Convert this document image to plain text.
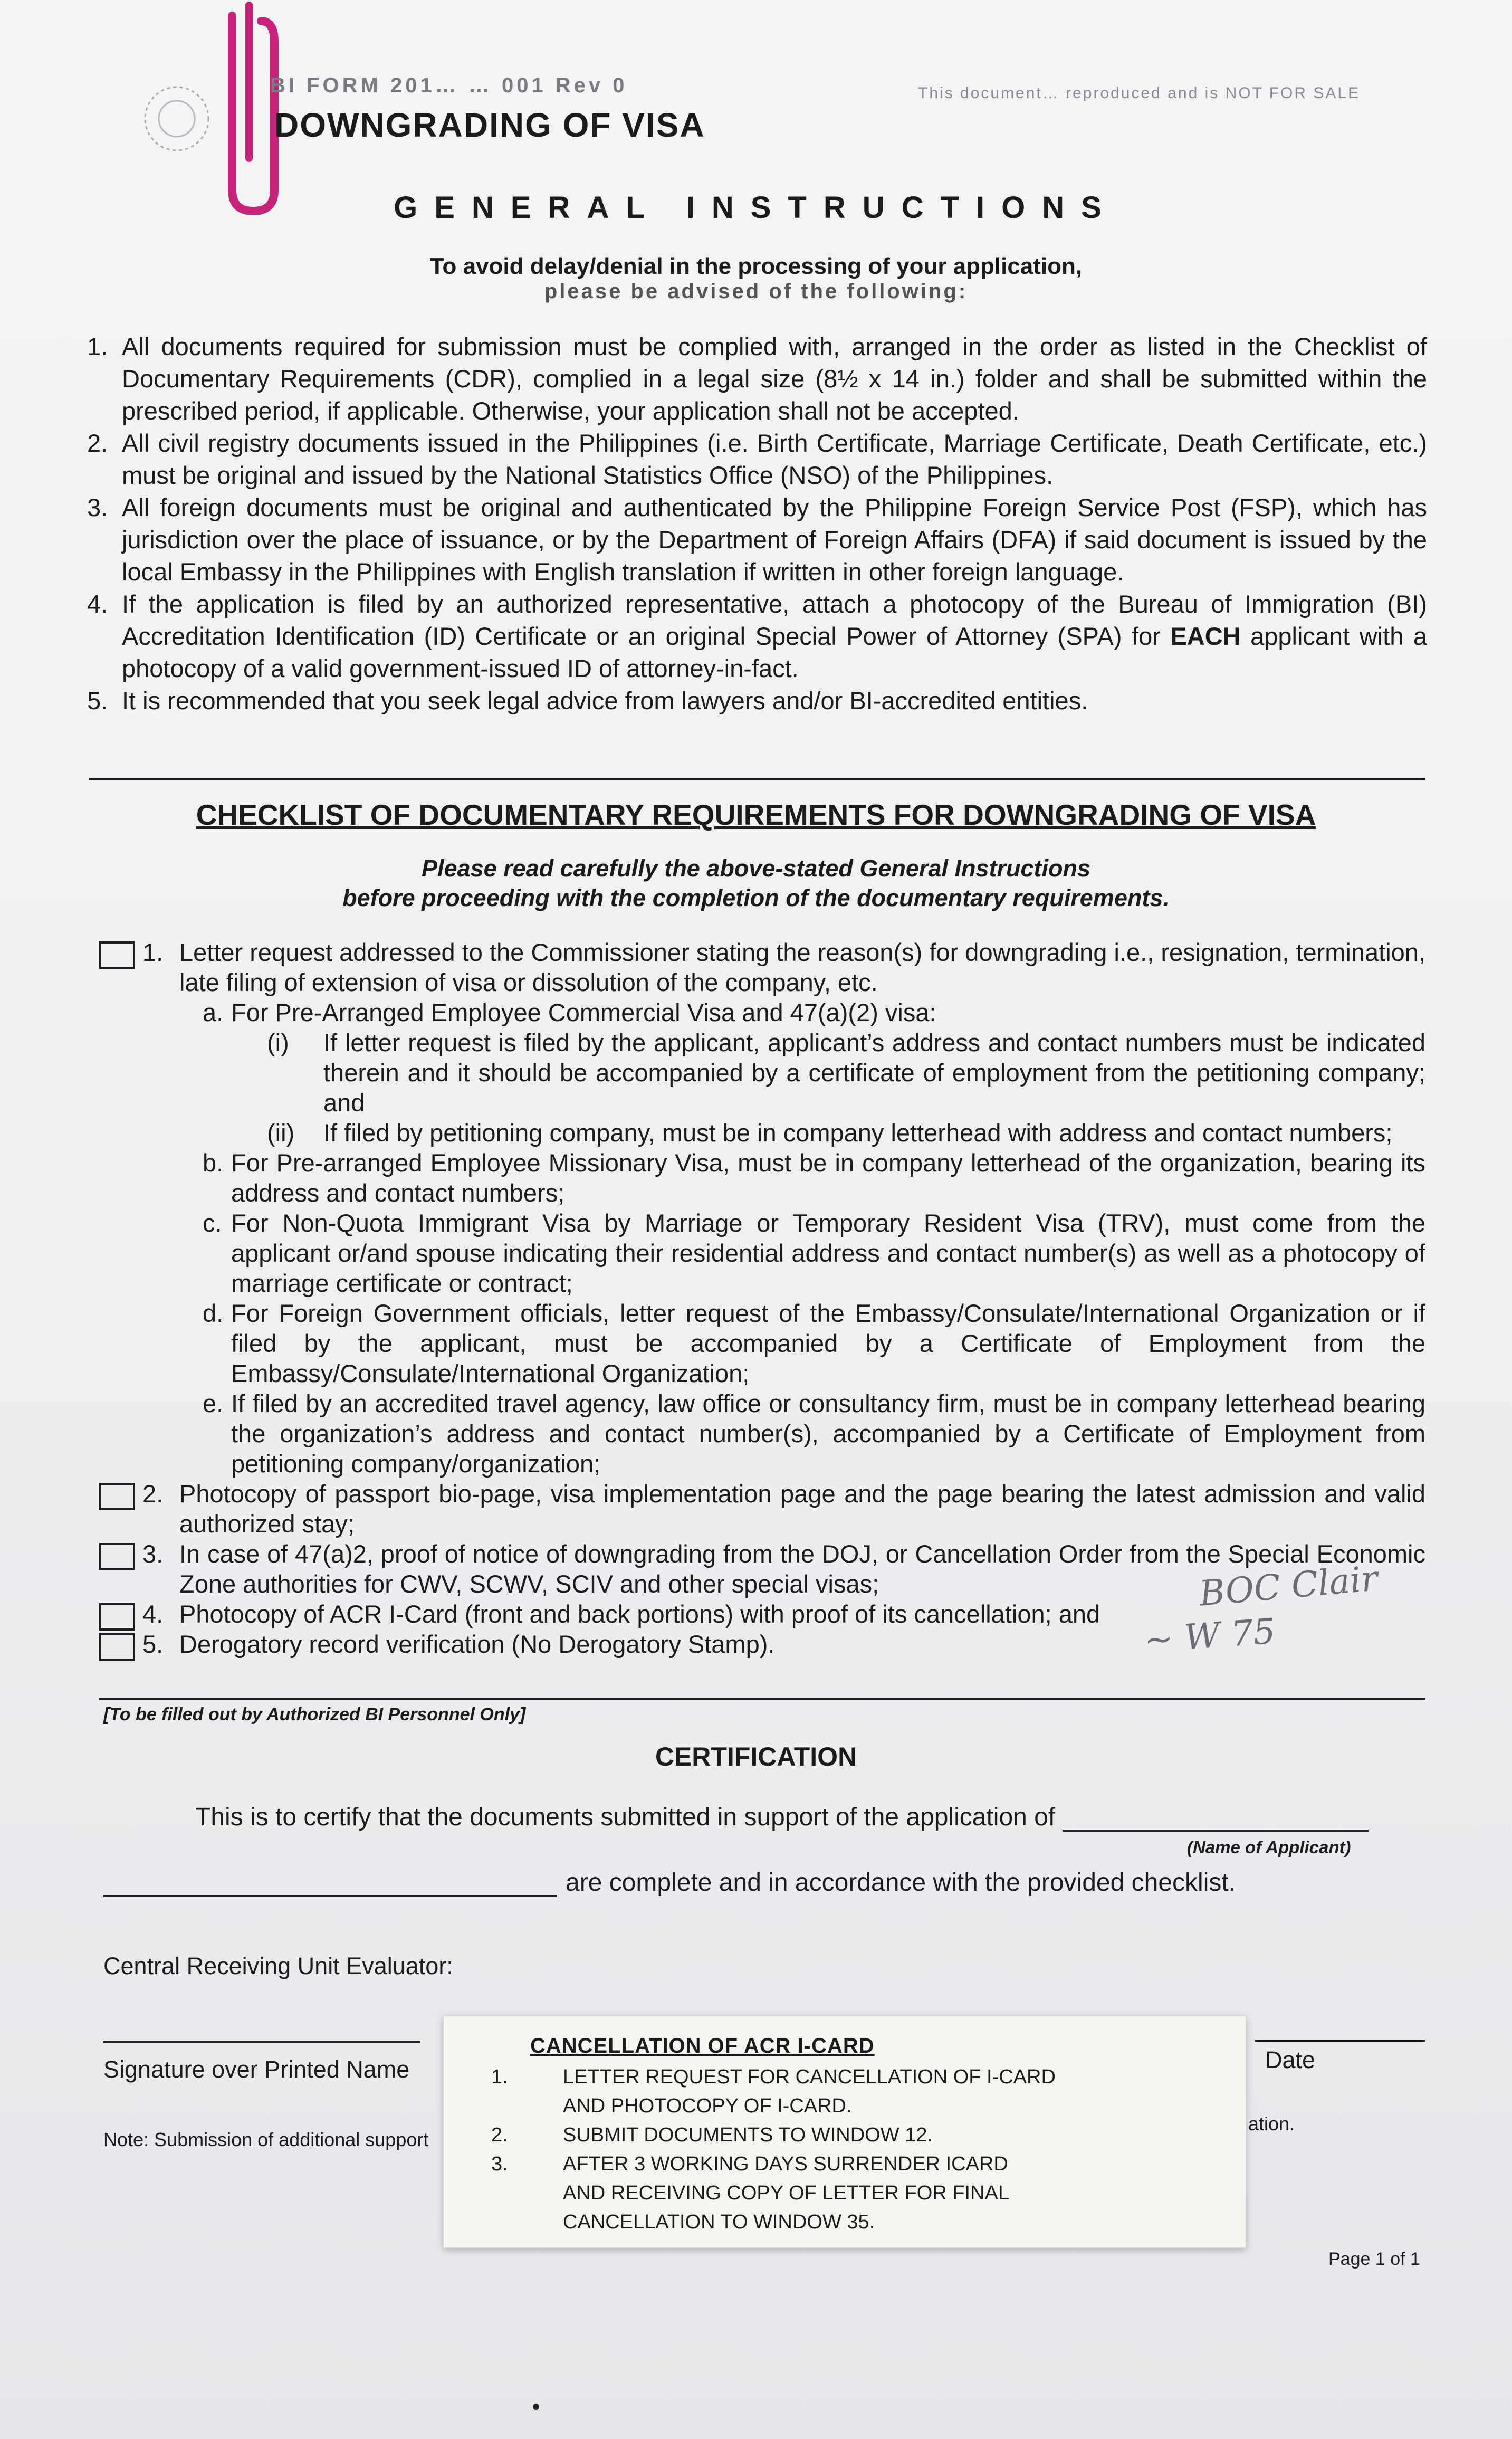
BI FORM 201… … 001 Rev 0	This document… reproduced and is NOT FOR SALE
DOWNGRADING OF VISA
GENERAL INSTRUCTIONS
To avoid delay/denial in the processing of your application,
please be advised of the following:
1. All documents required for submission must be complied with, arranged in the order as listed in the Checklist of Documentary Requirements (CDR), complied in a legal size (8½ x 14 in.) folder and shall be submitted within the prescribed period, if applicable. Otherwise, your application shall not be accepted.
2. All civil registry documents issued in the Philippines (i.e. Birth Certificate, Marriage Certificate, Death Certificate, etc.) must be original and issued by the National Statistics Office (NSO) of the Philippines.
3. All foreign documents must be original and authenticated by the Philippine Foreign Service Post (FSP), which has jurisdiction over the place of issuance, or by the Department of Foreign Affairs (DFA) if said document is issued by the local Embassy in the Philippines with English translation if written in other foreign language.
4. If the application is filed by an authorized representative, attach a photocopy of the Bureau of Immigration (BI) Accreditation Identification (ID) Certificate or an original Special Power of Attorney (SPA) for EACH applicant with a photocopy of a valid government-issued ID of attorney-in-fact.
5. It is recommended that you seek legal advice from lawyers and/or BI-accredited entities.
CHECKLIST OF DOCUMENTARY REQUIREMENTS FOR DOWNGRADING OF VISA
Please read carefully the above-stated General Instructions
before proceeding with the completion of the documentary requirements.
1. Letter request addressed to the Commissioner stating the reason(s) for downgrading i.e., resignation, termination, late filing of extension of visa or dissolution of the company, etc.
a. For Pre-Arranged Employee Commercial Visa and 47(a)(2) visa:
(i) If letter request is filed by the applicant, applicant’s address and contact numbers must be indicated therein and it should be accompanied by a certificate of employment from the petitioning company; and
(ii) If filed by petitioning company, must be in company letterhead with address and contact numbers;
b. For Pre-arranged Employee Missionary Visa, must be in company letterhead of the organization, bearing its address and contact numbers;
c. For Non-Quota Immigrant Visa by Marriage or Temporary Resident Visa (TRV), must come from the applicant or/and spouse indicating their residential address and contact number(s) as well as a photocopy of marriage certificate or contract;
d. For Foreign Government officials, letter request of the Embassy/Consulate/International Organization or if filed by the applicant, must be accompanied by a Certificate of Employment from the Embassy/Consulate/International Organization;
e. If filed by an accredited travel agency, law office or consultancy firm, must be in company letterhead bearing the organization’s address and contact number(s), accompanied by a Certificate of Employment from petitioning company/organization;
2. Photocopy of passport bio-page, visa implementation page and the page bearing the latest admission and valid authorized stay;
3. In case of 47(a)2, proof of notice of downgrading from the DOJ, or Cancellation Order from the Special Economic Zone authorities for CWV, SCWV, SCIV and other special visas;
4. Photocopy of ACR I-Card (front and back portions) with proof of its cancellation; and
5. Derogatory record verification (No Derogatory Stamp).
BOC Clair
~ W 75
[To be filled out by Authorized BI Personnel Only]
CERTIFICATION
This is to certify that the documents submitted in support of the application of
(Name of Applicant)
are complete and in accordance with the provided checklist.
Central Receiving Unit Evaluator:
Signature over Printed Name	Date
Note: Submission of additional support
ation.
Page 1 of 1
CANCELLATION OF ACR I-CARD
1.	LETTER REQUEST FOR CANCELLATION OF I-CARD
AND PHOTOCOPY OF I-CARD.
2.	SUBMIT DOCUMENTS TO WINDOW 12.
3.	AFTER 3 WORKING DAYS SURRENDER ICARD
AND RECEIVING COPY OF LETTER FOR FINAL
CANCELLATION TO WINDOW 35.
